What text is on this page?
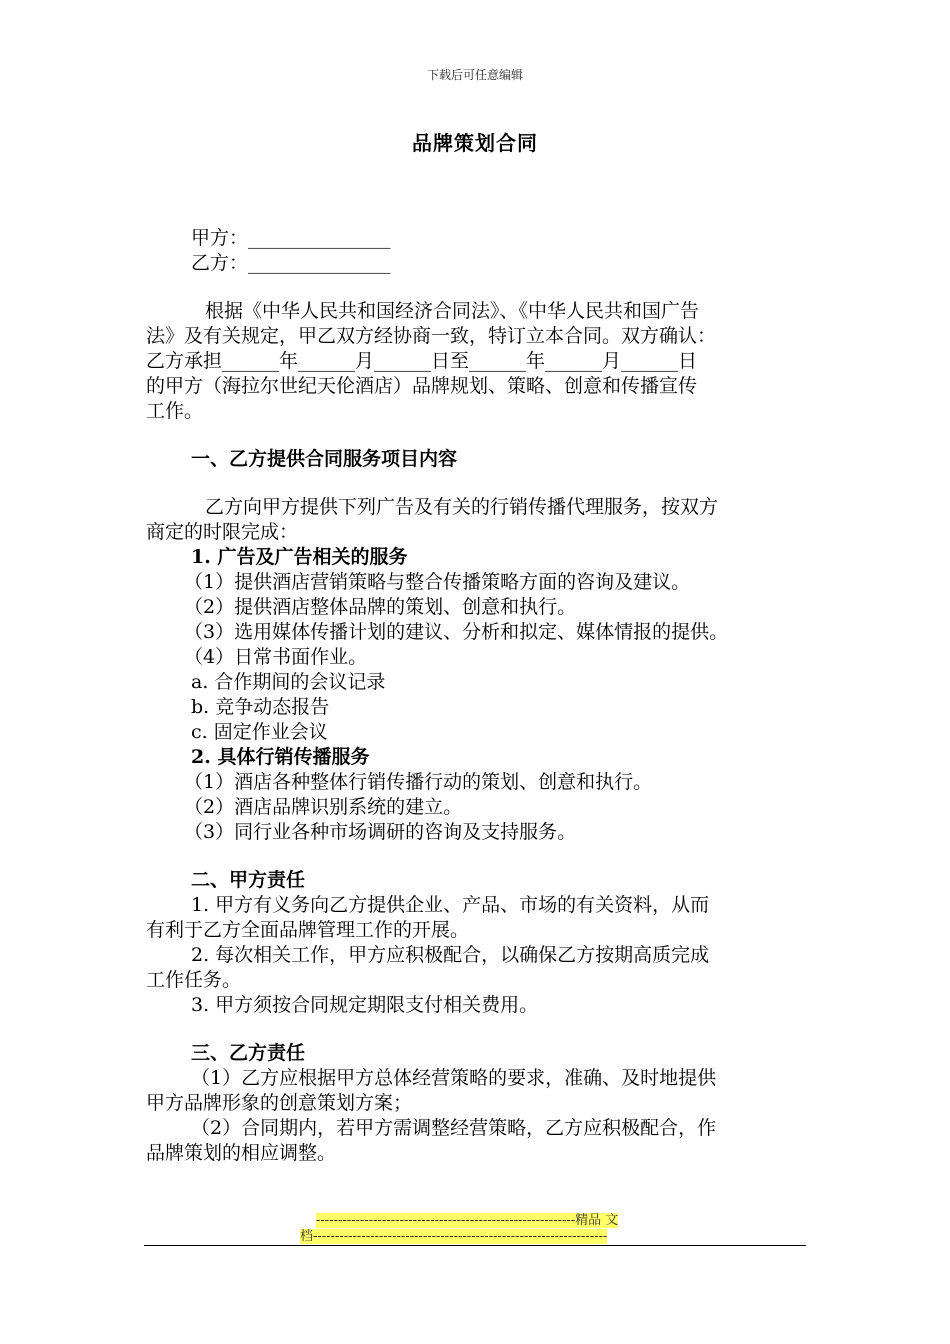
下载后可任意编辑
品牌策划合同
甲方：_______________
乙方：_______________
根据《中华人民共和国经济合同法》、《中华人民共和国广告
法》及有关规定，甲乙双方经协商一致，特订立本合同。双方确认：
乙方承担______年______月______日至______年______月______日
的甲方（海拉尔世纪天伦酒店）品牌规划、策略、创意和传播宣传
工作。
一、乙方提供合同服务项目内容
乙方向甲方提供下列广告及有关的行销传播代理服务，按双方
商定的时限完成：
1. 广告及广告相关的服务
（1）提供酒店营销策略与整合传播策略方面的咨询及建议。
（2）提供酒店整体品牌的策划、创意和执行。
（3）选用媒体传播计划的建议、分析和拟定、媒体情报的提供。
（4）日常书面作业。
a. 合作期间的会议记录
b. 竞争动态报告
c. 固定作业会议
2. 具体行销传播服务
（1）酒店各种整体行销传播行动的策划、创意和执行。
（2）酒店品牌识别系统的建立。
（3）同行业各种市场调研的咨询及支持服务。
二、甲方责任
1. 甲方有义务向乙方提供企业、产品、市场的有关资料，从而
有利于乙方全面品牌管理工作的开展。
2. 每次相关工作，甲方应积极配合，以确保乙方按期高质完成
工作任务。
3. 甲方须按合同规定期限支付相关费用。
三、乙方责任
（1）乙方应根据甲方总体经营策略的要求，准确、及时地提供
甲方品牌形象的创意策划方案；
（2）合同期内，若甲方需调整经营策略，乙方应积极配合，作
品牌策划的相应调整。
-----------------------------------------------------------精品 文
档-------------------------------------------------------------------
